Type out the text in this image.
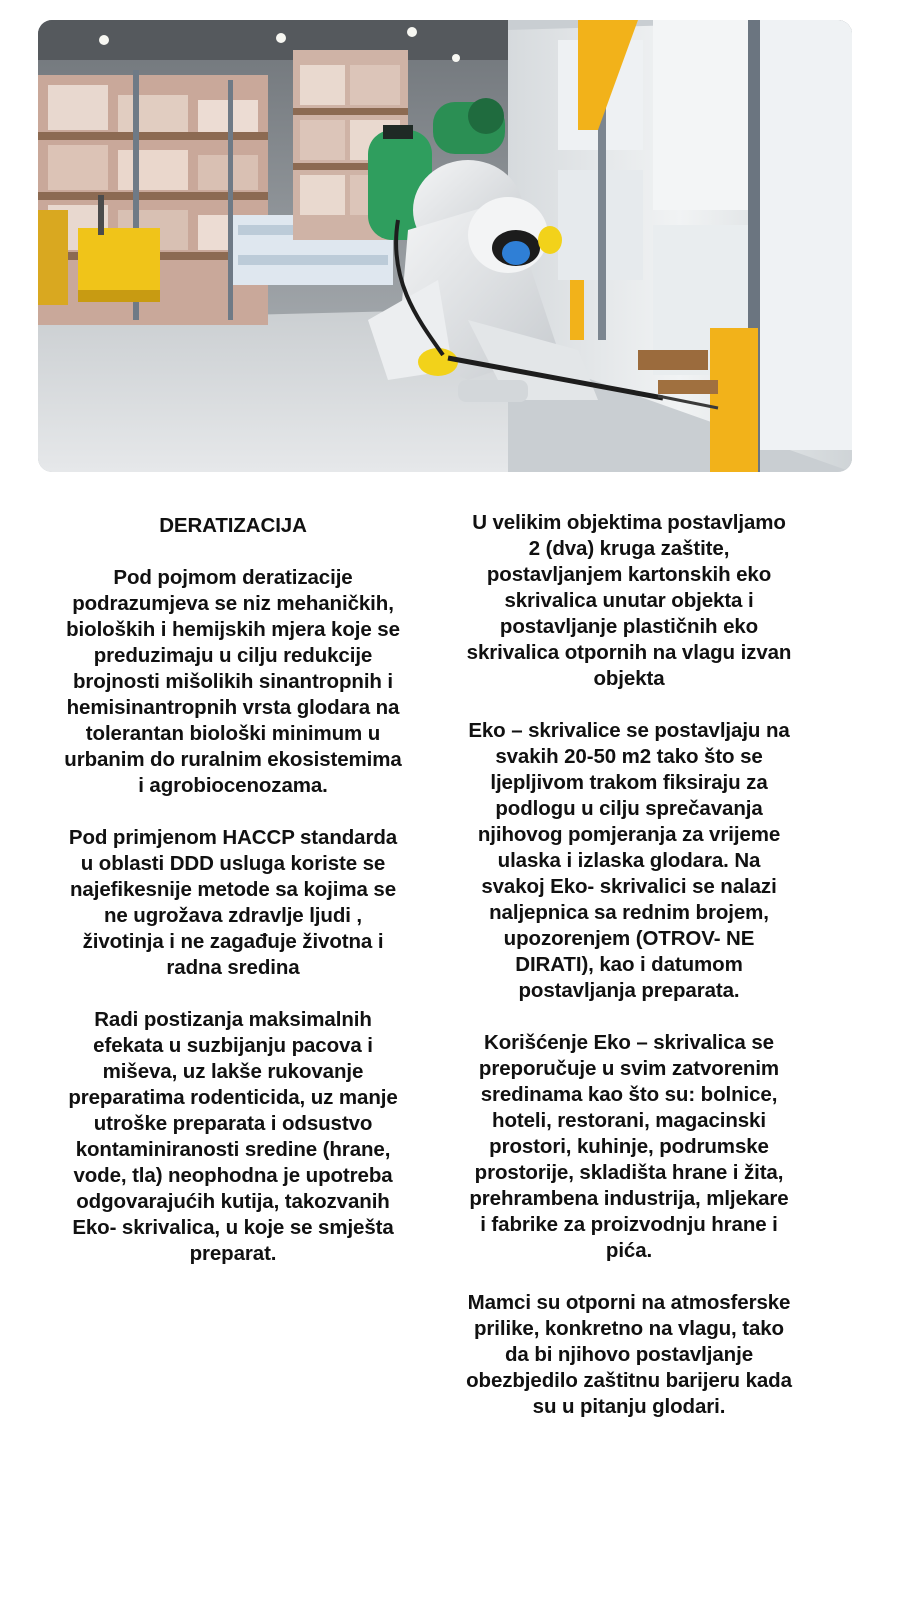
DERATIZACIJA

Pod pojmom deratizacije podrazumjeva se niz mehaničkih, bioloških i hemijskih mjera koje se preduzimaju u cilju redukcije brojnosti mišolikih sinantropnih i hemisinantropnih vrsta glodara na tolerantan biološki minimum u urbanim do ruralnim ekosistemima i agrobiocenozama.

Pod primjenom HACCP standarda u oblasti DDD usluga koriste se najefikesnije metode sa kojima se ne ugrožava zdravlje ljudi , životinja i ne zagađuje životna i radna sredina

Radi postizanja maksimalnih efekata u suzbijanju pacova i miševa, uz lakše rukovanje preparatima rodenticida, uz manje utroške preparata i odsustvo kontaminiranosti sredine (hrane, vode, tla) neophodna je upotreba odgovarajućih kutija, takozvanih Eko- skrivalica, u koje se smješta preparat.

U velikim objektima postavljamo 2 (dva) kruga zaštite, postavljanjem kartonskih eko skrivalica unutar objekta i postavljanje plastičnih eko skrivalica otpornih na vlagu izvan objekta

Eko – skrivalice se postavljaju na svakih 20-50 m2 tako što se ljepljivom trakom fiksiraju za podlogu u cilju sprečavanja njihovog pomjeranja za vrijeme ulaska i izlaska glodara. Na svakoj Eko- skrivalici se nalazi naljepnica sa rednim brojem, upozorenjem (OTROV- NE DIRATI), kao i datumom postavljanja preparata.

Korišćenje Eko – skrivalica se preporučuje u svim zatvorenim sredinama kao što su: bolnice, hoteli, restorani, magacinski prostori, kuhinje, podrumske prostorije, skladišta hrane i žita, prehrambena industrija, mljekare i fabrike za proizvodnju hrane i pića.

Mamci su otporni na atmosferske prilike, konkretno na vlagu, tako da bi njihovo postavljanje obezbjedilo zaštitnu barijeru kada su u pitanju glodari.
